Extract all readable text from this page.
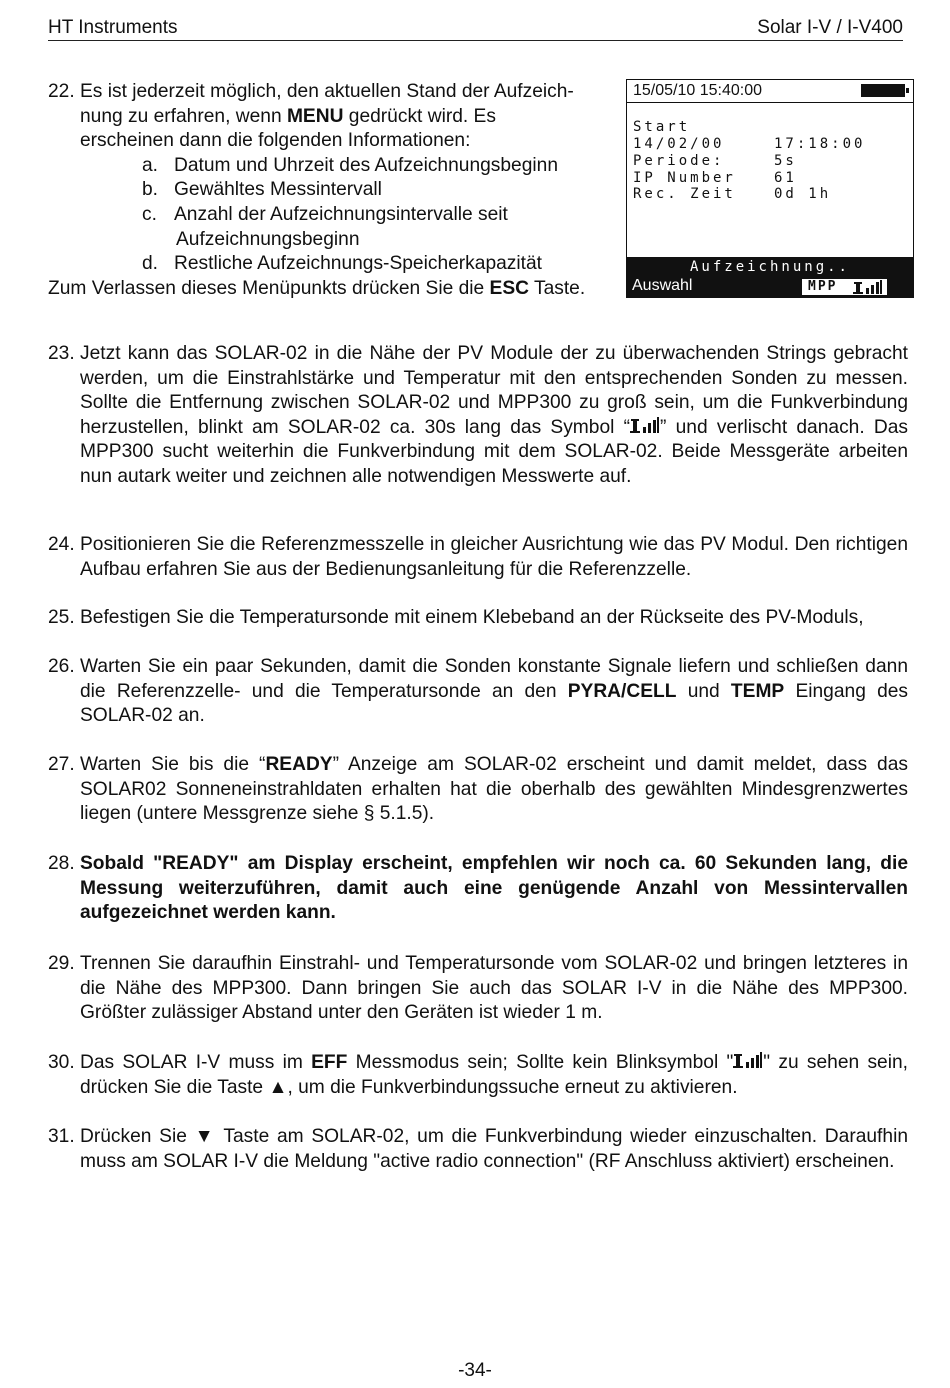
HT Instruments	Solar I-V / I-V400
22. Es ist jederzeit möglich, den aktuellen Stand der Aufzeich-
nung zu erfahren, wenn MENU gedrückt wird. Es
erscheinen dann die folgenden Informationen:
a. Datum und Uhrzeit des Aufzeichnungsbeginn
b. Gewähltes Messintervall
c. Anzahl der Aufzeichnungsintervalle seit
Aufzeichnungsbeginn
d. Restliche Aufzeichnungs-Speicherkapazität
Zum Verlassen dieses Menüpunkts drücken Sie die ESC Taste.
15/05/10 15:40:00
Start
14/02/00	17:18:00
Periode:	5s
IP Number	61
Rec. Zeit	0d 1h
Aufzeichnung..
Auswahl	MPP
23. Jetzt kann das SOLAR-02 in die Nähe der PV Module der zu überwachenden Strings gebracht werden, um die Einstrahlstärke und Temperatur mit den entsprechenden Sonden zu messen. Sollte die Entfernung zwischen SOLAR-02 und MPP300 zu groß sein, um die Funkverbindung herzustellen, blinkt am SOLAR-02 ca. 30s lang das Symbol “ ” und verlischt danach. Das MPP300 sucht weiterhin die Funkverbindung mit dem SOLAR-02. Beide Messgeräte arbeiten nun autark weiter und zeichnen alle notwendigen Messwerte auf.
24. Positionieren Sie die Referenzmesszelle in gleicher Ausrichtung wie das PV Modul. Den richtigen Aufbau erfahren Sie aus der Bedienungsanleitung für die Referenzzelle.
25. Befestigen Sie die Temperatursonde mit einem Klebeband an der Rückseite des PV-Moduls,
26. Warten Sie ein paar Sekunden, damit die Sonden konstante Signale liefern und schließen dann die Referenzzelle- und die Temperatursonde an den PYRA/CELL und TEMP Eingang des SOLAR-02 an.
27. Warten Sie bis die “READY” Anzeige am SOLAR-02 erscheint und damit meldet, dass das SOLAR02 Sonneneinstrahldaten erhalten hat die oberhalb des gewählten Mindesgrenzwertes liegen (untere Messgrenze siehe § 5.1.5).
28. Sobald "READY" am Display erscheint, empfehlen wir noch ca. 60 Sekunden lang, die Messung weiterzuführen, damit auch eine genügende Anzahl von Messintervallen aufgezeichnet werden kann.
29. Trennen Sie daraufhin Einstrahl- und Temperatursonde vom SOLAR-02 und bringen letzteres in die Nähe des MPP300. Dann bringen Sie auch das SOLAR I-V in die Nähe des MPP300. Größter zulässiger Abstand unter den Geräten ist wieder 1 m.
30. Das SOLAR I-V muss im EFF Messmodus sein; Sollte kein Blinksymbol " " zu sehen sein, drücken Sie die Taste ▲, um die Funkverbindungssuche erneut zu aktivieren.
31. Drücken Sie ▼ Taste am SOLAR-02, um die Funkverbindung wieder einzuschalten. Daraufhin muss am SOLAR I-V die Meldung "active radio connection" (RF Anschluss aktiviert) erscheinen.
-34-
